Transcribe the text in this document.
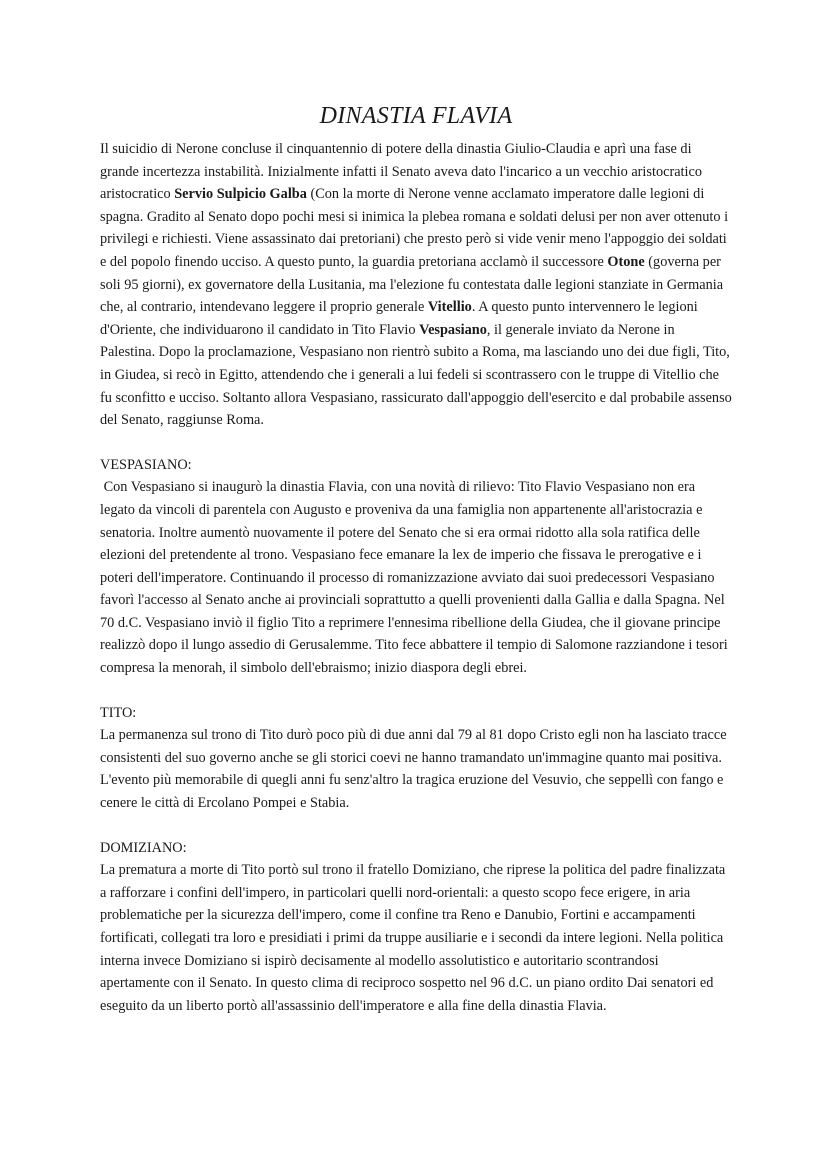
DINASTIA FLAVIA

Il suicidio di Nerone concluse il cinquantennio di potere della dinastia Giulio-Claudia e aprì una fase di grande incertezza instabilità. Inizialmente infatti il Senato aveva dato l'incarico a un vecchio aristocratico aristocratico Servio Sulpicio Galba (Con la morte di Nerone venne acclamato imperatore dalle legioni di spagna. Gradito al Senato dopo pochi mesi si inimica la plebea romana e soldati delusi per non aver ottenuto i privilegi e richiesti. Viene assassinato dai pretoriani) che presto però si vide venir meno l'appoggio dei soldati e del popolo finendo ucciso. A questo punto, la guardia pretoriana acclamò il successore Otone (governa per soli 95 giorni), ex governatore della Lusitania, ma l'elezione fu contestata dalle legioni stanziate in Germania che, al contrario, intendevano leggere il proprio generale Vitellio. A questo punto intervennero le legioni d'Oriente, che individuarono il candidato in Tito Flavio Vespasiano, il generale inviato da Nerone in Palestina. Dopo la proclamazione, Vespasiano non rientrò subito a Roma, ma lasciando uno dei due figli, Tito, in Giudea, si recò in Egitto, attendendo che i generali a lui fedeli si scontrassero con le truppe di Vitellio che fu sconfitto e ucciso. Soltanto allora Vespasiano, rassicurato dall'appoggio dell'esercito e dal probabile assenso del Senato, raggiunse Roma.

VESPASIANO:

Con Vespasiano si inaugurò la dinastia Flavia, con una novità di rilievo: Tito Flavio Vespasiano non era legato da vincoli di parentela con Augusto e proveniva da una famiglia non appartenente all'aristocrazia e senatoria. Inoltre aumentò nuovamente il potere del Senato che si era ormai ridotto alla sola ratifica delle elezioni del pretendente al trono. Vespasiano fece emanare la lex de imperio che fissava le prerogative e i poteri dell'imperatore. Continuando il processo di romanizzazione avviato dai suoi predecessori Vespasiano favorì l'accesso al Senato anche ai provinciali soprattutto a quelli provenienti dalla Gallia e dalla Spagna. Nel 70 d.C. Vespasiano inviò il figlio Tito a reprimere l'ennesima ribellione della Giudea, che il giovane principe realizzò dopo il lungo assedio di Gerusalemme. Tito fece abbattere il tempio di Salomone razziandone i tesori compresa la menorah, il simbolo dell'ebraismo; inizio diaspora degli ebrei.

TITO:

La permanenza sul trono di Tito durò poco più di due anni dal 79 al 81 dopo Cristo egli non ha lasciato tracce consistenti del suo governo anche se gli storici coevi ne hanno tramandato un'immagine quanto mai positiva. L'evento più memorabile di quegli anni fu senz'altro la tragica eruzione del Vesuvio, che seppellì con fango e cenere le città di Ercolano Pompei e Stabia.

DOMIZIANO:

La prematura a morte di Tito portò sul trono il fratello Domiziano, che riprese la politica del padre finalizzata a rafforzare i confini dell'impero, in particolari quelli nord-orientali: a questo scopo fece erigere, in aria problematiche per la sicurezza dell'impero, come il confine tra Reno e Danubio, Fortini e accampamenti fortificati, collegati tra loro e presidiati i primi da truppe ausiliarie e i secondi da intere legioni. Nella politica interna invece Domiziano si ispirò decisamente al modello assolutistico e autoritario scontrandosi apertamente con il Senato. In questo clima di reciproco sospetto nel 96 d.C. un piano ordito Dai senatori ed eseguito da un liberto portò all'assassinio dell'imperatore e alla fine della dinastia Flavia.
